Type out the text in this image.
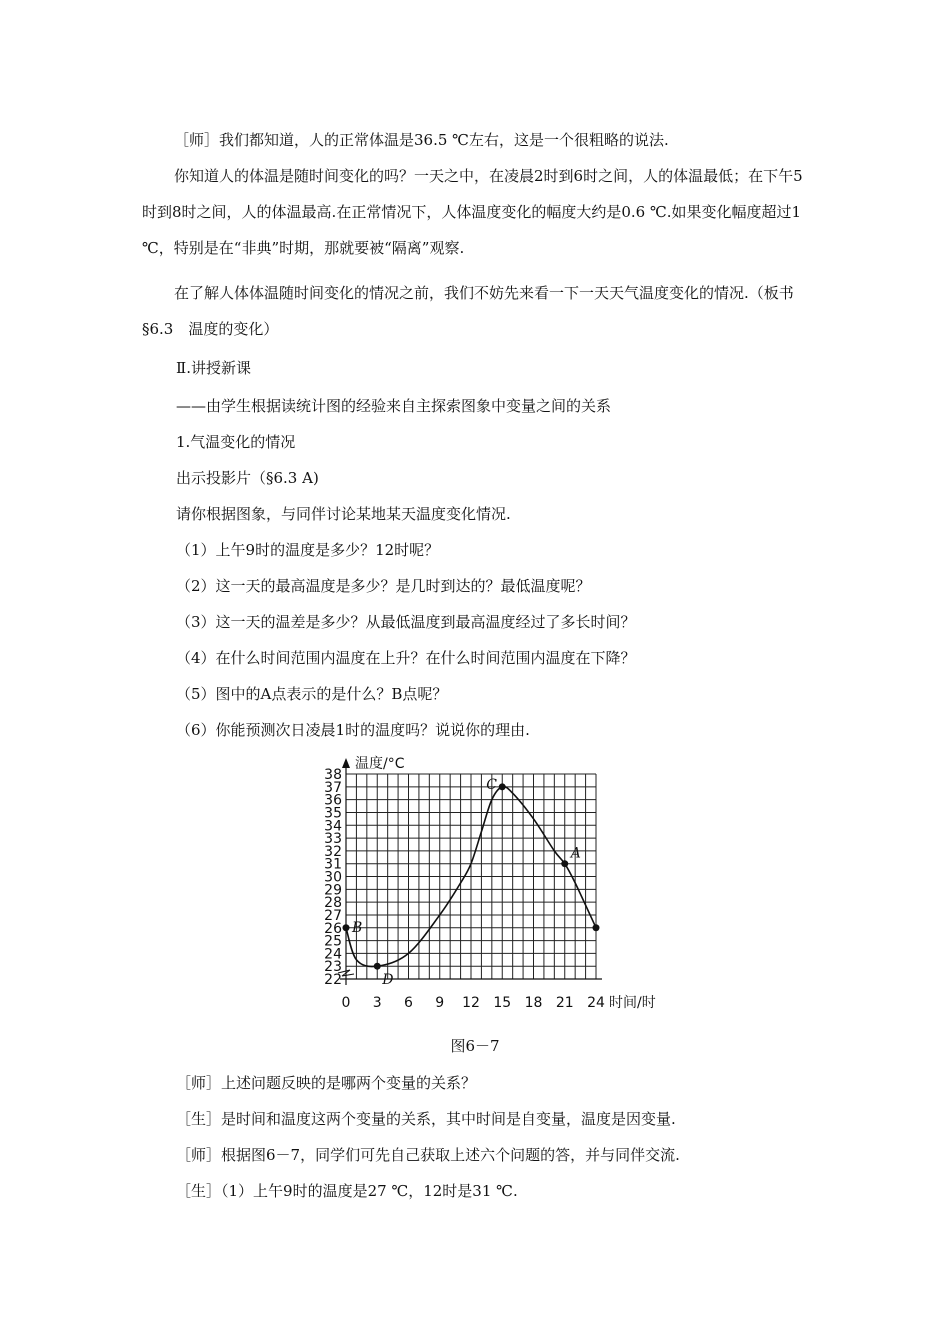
［师］我们都知道，人的正常体温是36.5 ℃左右，这是一个很粗略的说法.
你知道人的体温是随时间变化的吗？一天之中，在凌晨2时到6时之间，人的体温最低；在下午5时到8时之间，人的体温最高.在正常情况下，人体温度变化的幅度大约是0.6 ℃.如果变化幅度超过1 ℃，特别是在“非典”时期，那就要被“隔离”观察.
在了解人体体温随时间变化的情况之前，我们不妨先来看一下一天天气温度变化的情况.（板书§6.3　温度的变化）
Ⅱ.讲授新课
——由学生根据读统计图的经验来自主探索图象中变量之间的关系
1.气温变化的情况
出示投影片（§6.3 A)
请你根据图象，与同伴讨论某地某天温度变化情况.
（1）上午9时的温度是多少？12时呢？
（2）这一天的最高温度是多少？是几时到达的？最低温度呢？
（3）这一天的温差是多少？从最低温度到最高温度经过了多长时间？
（4）在什么时间范围内温度在上升？在什么时间范围内温度在下降？
（5）图中的A点表示的是什么？B点呢？
（6）你能预测次日凌晨1时的温度吗？说说你的理由.
22
23
24
25
26
27
28
29
30
31
32
33
34
35
36
37
38
0 3 6 9 12 15 18 21 24
温度/°C
时间/时
B
D
C
A
图6－7
［师］上述问题反映的是哪两个变量的关系？
［生］是时间和温度这两个变量的关系，其中时间是自变量，温度是因变量.
［师］根据图6－7，同学们可先自己获取上述六个问题的答，并与同伴交流.
［生］（1）上午9时的温度是27 ℃，12时是31 ℃.
